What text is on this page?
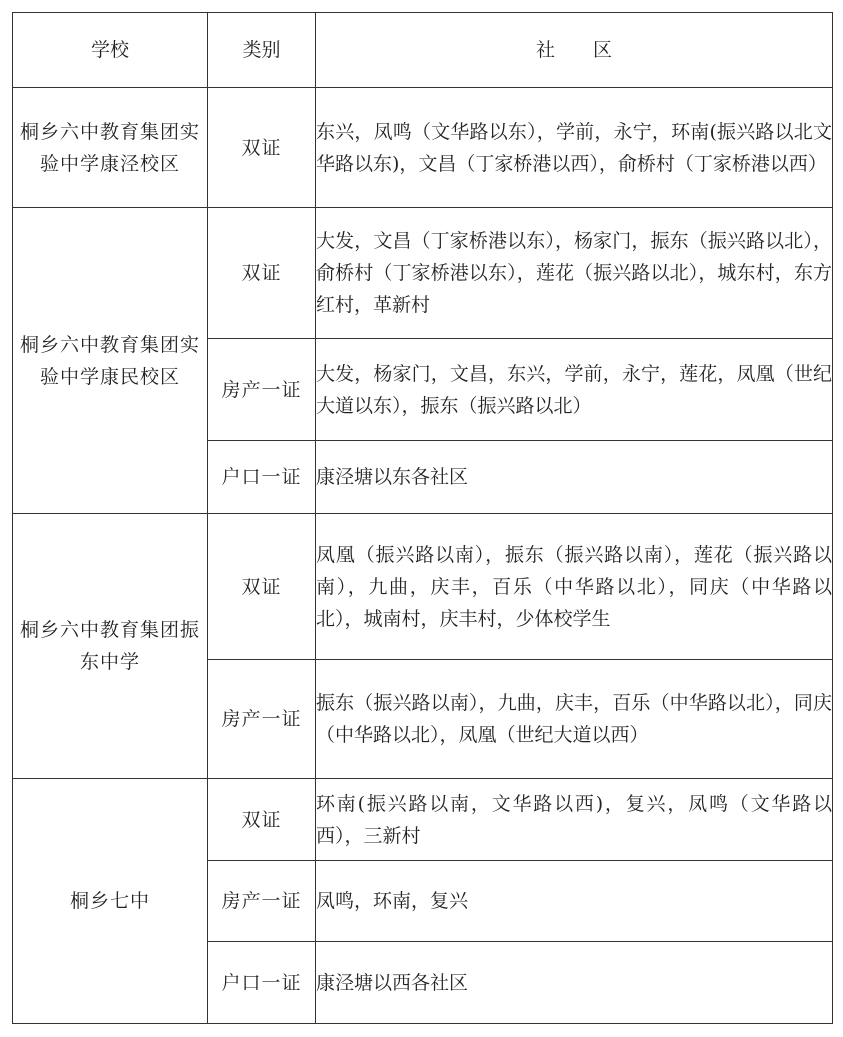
学校	类别	社　　区
桐乡六中教育集团实验中学康泾校区	双证	东兴，凤鸣（文华路以东），学前，永宁，环南(振兴路以北文华路以东)，文昌（丁家桥港以西），俞桥村（丁家桥港以西）

桐乡六中教育集团实验中学康民校区	双证	大发，文昌（丁家桥港以东），杨家门，振东（振兴路以北），俞桥村（丁家桥港以东），莲花（振兴路以北），城东村，东方红村，革新村

	房产一证	大发，杨家门，文昌，东兴，学前，永宁，莲花，凤凰（世纪大道以东），振东（振兴路以北）

	户口一证	康泾塘以东各社区

桐乡六中教育集团振东中学	双证	凤凰（振兴路以南），振东（振兴路以南），莲花（振兴路以南），九曲，庆丰，百乐（中华路以北），同庆（中华路以北），城南村，庆丰村，少体校学生

	房产一证	振东（振兴路以南），九曲，庆丰，百乐（中华路以北），同庆（中华路以北），凤凰（世纪大道以西）

桐乡七中	双证	环南(振兴路以南，文华路以西)，复兴，凤鸣（文华路以西），三新村

	房产一证	凤鸣，环南，复兴

	户口一证	康泾塘以西各社区
